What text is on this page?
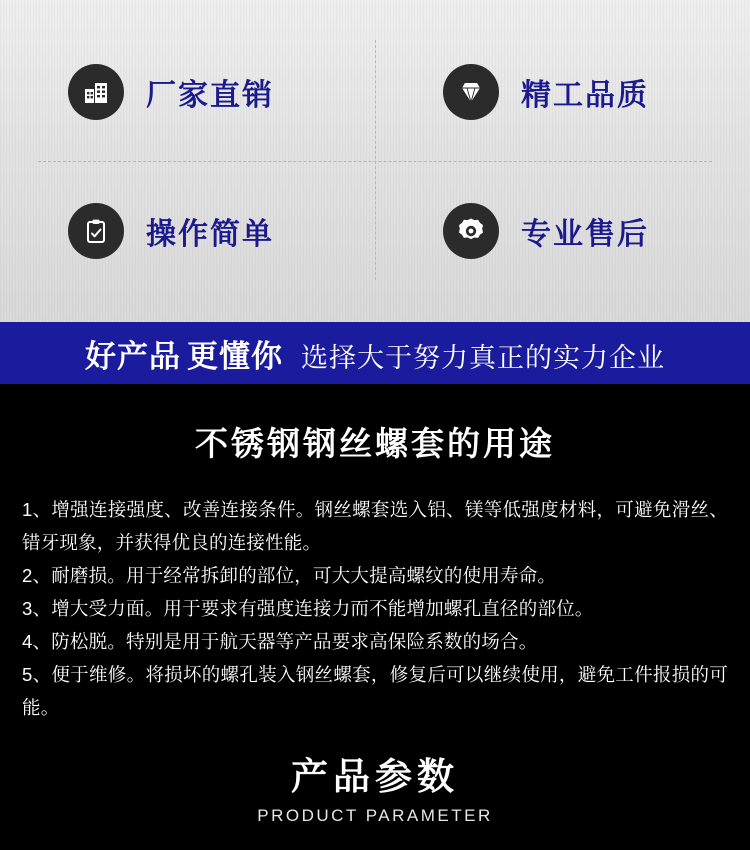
厂家直销	精工品质
操作简单	专业售后
好产品 更懂你 选择大于努力真正的实力企业
不锈钢钢丝螺套的用途

1、增强连接强度、改善连接条件。钢丝螺套选入铝、镁等低强度材料，可避免滑丝、错牙现象，并获得优良的连接性能。

2、耐磨损。用于经常拆卸的部位，可大大提高螺纹的使用寿命。

3、增大受力面。用于要求有强度连接力而不能增加螺孔直径的部位。

4、防松脱。特别是用于航天器等产品要求高保险系数的场合。

5、便于维修。将损坏的螺孔装入钢丝螺套，修复后可以继续使用，避免工件报损的可能。

产品参数
PRODUCT PARAMETER
